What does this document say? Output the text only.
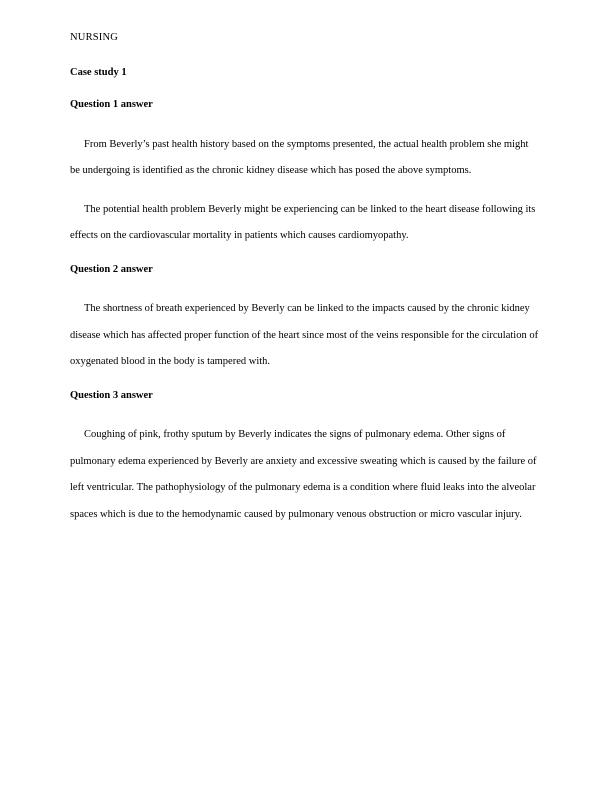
NURSING
Case study 1
Question 1 answer

From Beverly’s past health history based on the symptoms presented, the actual health problem she might be undergoing is identified as the chronic kidney disease which has posed the above symptoms.

The potential health problem Beverly might be experiencing can be linked to the heart disease following its effects on the cardiovascular mortality in patients which causes cardiomyopathy.

Question 2 answer

The shortness of breath experienced by Beverly can be linked to the impacts caused by the chronic kidney disease which has affected proper function of the heart since most of the veins responsible for the circulation of oxygenated blood in the body is tampered with.

Question 3 answer

Coughing of pink, frothy sputum by Beverly indicates the signs of pulmonary edema. Other signs of pulmonary edema experienced by Beverly are anxiety and excessive sweating which is caused by the failure of left ventricular. The pathophysiology of the pulmonary edema is a condition where fluid leaks into the alveolar spaces which is due to the hemodynamic caused by pulmonary venous obstruction or micro vascular injury.
